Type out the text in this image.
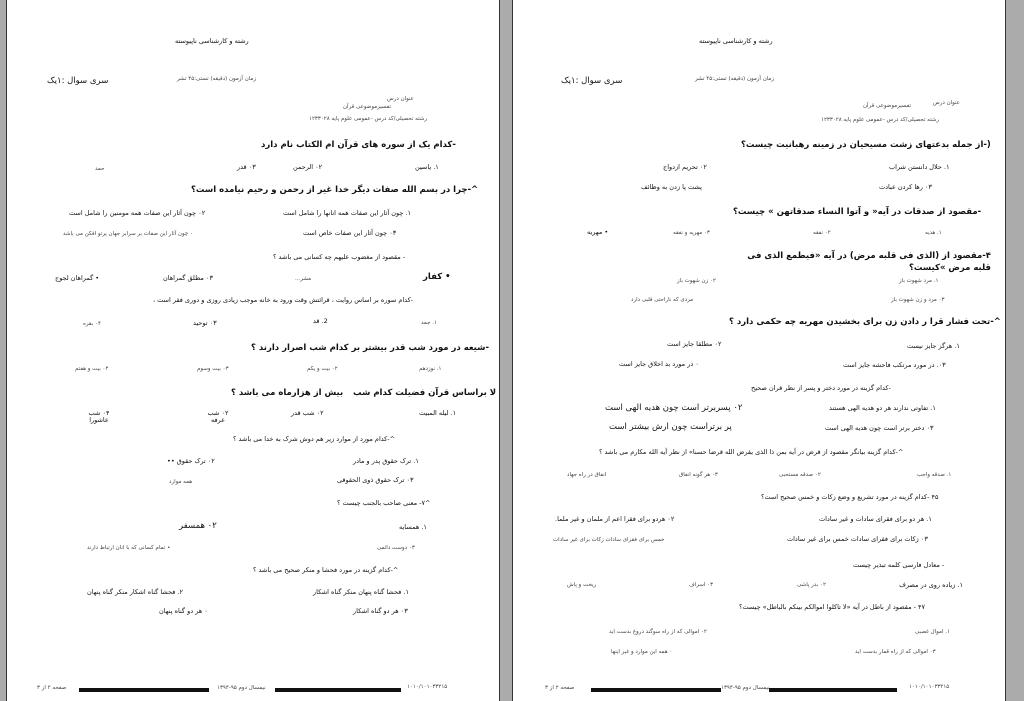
رشته و کارشناسی ناپیوسته
زمان آزمون (دقیقه) تستی:۴۵ تشر
سری سوال :۱یک
عنوان درس
تفسیرموضوعی قرآن
رشته تحصیلی/کد درس -عمومی علوم پایه ۱۲۳۳۰۲۸
-کدام یک از سوره های قرآن ام الکتاب نام دارد
۱. یاسین
۰۲ الرحمن
۰۳ قدر
حمد
^-چرا در بسم الله صفات دیگر خدا غیر از رحمن و رحیم نیامده است؟
۱. چون آثار این صفات همه انانها را شامل است
۰۲ چون آثار این صفات همه مومنین را شامل است
۰۳ چون آثار این صفات خاص است
۰ چون آثار این صفات بر سرابر جهان پرتو افکن می باشد
- مقصود از مغضوب علیهم چه کسانی می باشد ؟
• کفار
مشر...
۰۳ مطلق گمراهان
• گمراهان لجوج
-کدام سوره بر اساس روایت ، قرائتش وقت ورود به خانه موجب زیادی روزی و دوری فقر است ،
۱. جمد
2. قد
۰۳ توحید
۰۴ بقره
-شیعه در مورد شب قدر بیشتر بر کدام شب اصرار دارند ؟
۱. نوزدهم
۰۲ بیت و یکم
۰۳ بیت وسوم
۰۴ بیت و هفتم
لا براساس قرآن فضیلت کدام شب
بیش از هزارماه می باشد ؟
۱. لیله المبیت
۰۲ شب قدر
۰۲ شب عرفه
۰۴ شب عاشورا
^-کدام مورد از موارد زیر هم دوش شرک به خدا می باشد ؟
۱. ترک حقوق پدر و مادر
۰۲ ترک حقوق ••
۰۳ ترک حقوق ذوی الحقوقی
همه موارد
^۷- معنی صاحب بالجنب چیست ؟
۱. همسایه
۰۲ همسفر
۰۳ دوست دائمی
• تمام کسانی که با انان ارتباط دارند
^-کدام گزینه در مورد فحشا و منکر صحیح می باشد ؟
۱. فحشا گناه پنهان منکر گناه اشکار
۲. فحشا گناه اشکار منکر گناه پنهان
۰۳ هر دو گناه اشکار
۰ هر دو گناه پنهان
۱۰۱۰/۱۰۱۰۳۳۲۱۵
نیمسال دوم ۹۵-۱۳۹۴
صفحه ۲ از ۳
رشته و کارشناسی ناپیوسته
زمان آزمون (دقیقه) تستی:۴۵ تشر
سری سوال :۱یک
عنوان درس
تفسیرموضوعی قرآن
رشته تحصیلی/کد درس -عمومی علوم پایه ۱۲۳۳۰۲۸
(-از جمله بدعتهای زشت مسیحیان در زمینه رهبانیت چیست؟
۱. حلال دانستن شراب
۰۲ تحریم ازدواج
۰۳ رها کردن عبادت
پشت پا زدن به وظائف
-مقصود از صدقات در آیه« و آتوا النساء صدقاتهن » چیست؟
۱. هدیه
۰۲ نفقه
۰۳ مهریه و نفقه
• مهریه
۴-مقصود از (الذی فی قلبه مرض) در آیه «فیطمع الذی فی قلبه مرض »کیست؟
۱. مرد شهوت باز
۰۲ زن شهوت باز
۰۳ مرد و زن شهوت باز
مردی که ناراحتی قلبی دارد
^-تحت فشار قرا ر دادن زن برای بخشیدن مهریه چه حکمی دارد ؟
۱. هرگز جایز نیست
۰۲ مطلقا جایز است
۰۳. در مورد مرتکب فاحشه جایز است
۰ در مورد بد اخلاق جایز است
-کدام گزینه در مورد دختر و پسر از نظر قران صحیح
۱. تفاوتی ندارند هر دو هدیه الهی هستند
۰۲ پسربرتر است چون هدیه الهی است
۰۳ دختر برتر است چون هدیه الهی است
پر برتراست چون ارش بیشتر است
^-کدام گزینه بیانگر مقصود از قرض در آیه بمن ذا الذی یقرض الله قرضا حسنا» از نظر آیه الله مکارم می باشد ؟
۱. صدقه واجب
۰۲ صدقه مستحبی
۰۳ هر گونه انفاق
انفاق در راه جهاد
۴۵ -کدام گزینه در مورد تشریع و وضع زکات و خمس صحیح است؟
۱. هر دو برای فقرای سادات و غیر سادات
۰۲ هردو برای فقرا اعم از ملمان و غیر ملما.
۰۳ زکات برای فقرای سادات خمس برای غیر سادات
خمس برای فقرای سادات زکات برای غیر سادات
- معادل فارسی کلمه تبذیر چیست
۱. زیاده روی در مصرف
۰۲ بدر پاشی
۰۳ اسراف
ریخت و پاش
۴۷ - مقصود از باطل در آیه «لا تاکلوا اموالکم بینکم بالباطل» چیست؟
۱. اموال غصبی
۰۲ اموالی که از راه سوگند دروغ بدست اید
۰۳ اموالی که از راه قمار بدست اید
۰ همه این موارد و غیر اینها
۱۰۱۰/۱۰۱۰۳۳۲۱۵
نیمسال دوم ۹۵-۱۳۹۴
صفحه ۲ از ۳
